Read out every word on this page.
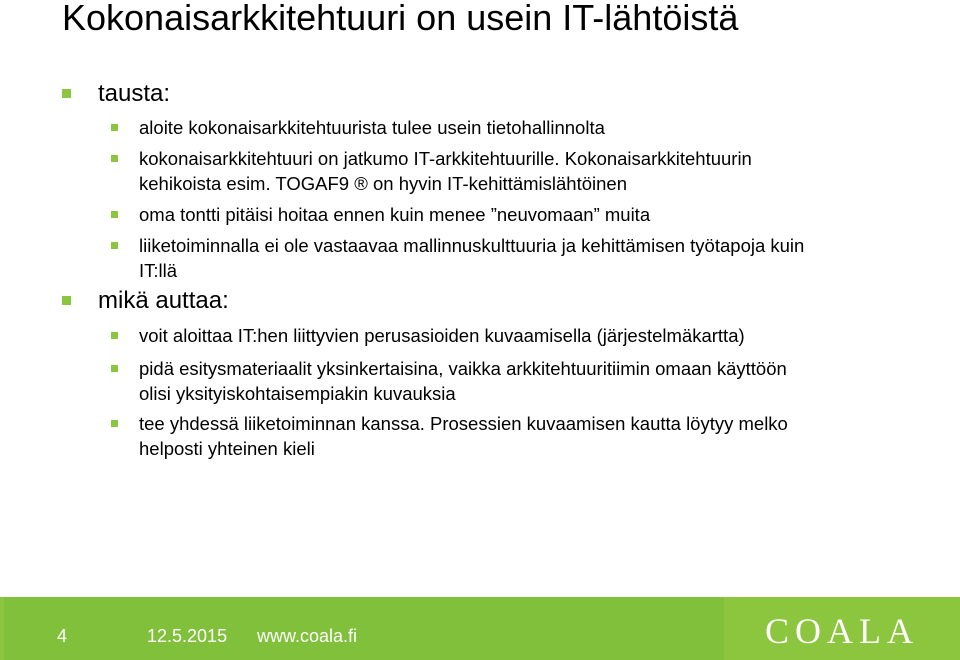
Kokonaisarkkitehtuuri on usein IT-lähtöistä
tausta:
aloite kokonaisarkkitehtuurista tulee usein tietohallinnolta
kokonaisarkkitehtuuri on jatkumo IT-arkkitehtuurille. Kokonaisarkkitehtuurin
kehikoista esim. TOGAF9 ® on hyvin IT-kehittämislähtöinen
oma tontti pitäisi hoitaa ennen kuin menee ”neuvomaan” muita
liiketoiminnalla ei ole vastaavaa mallinnuskulttuuria ja kehittämisen työtapoja kuin
IT:llä
mikä auttaa:
voit aloittaa IT:hen liittyvien perusasioiden kuvaamisella (järjestelmäkartta)
pidä esitysmateriaalit yksinkertaisina, vaikka arkkitehtuuritiimin omaan käyttöön
olisi yksityiskohtaisempiakin kuvauksia
tee yhdessä liiketoiminnan kanssa. Prosessien kuvaamisen kautta löytyy melko
helposti yhteinen kieli
4	12.5.2015 www.coala.fi	COALA
